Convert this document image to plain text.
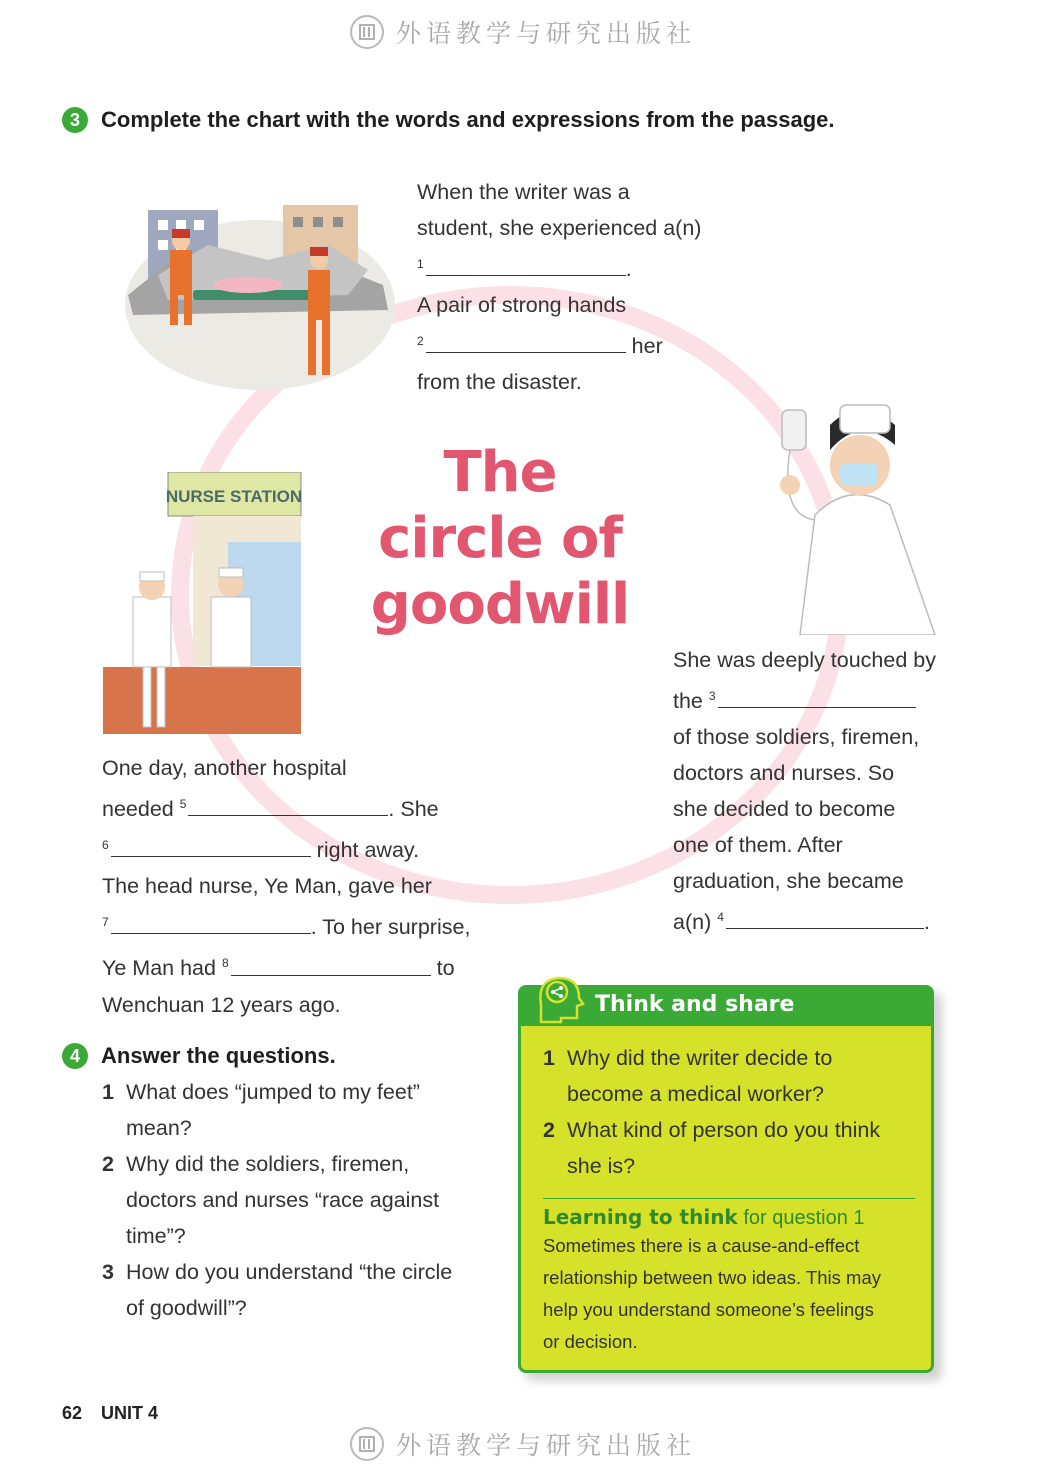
外语教学与研究出版社
3 Complete the chart with the words and expressions from the passage.
When the writer was a
student, she experienced a(n)
$^1$	.
A pair of strong hands
$^2$	her
from the disaster.
NURSE STATION	The
circle of
goodwill
She was deeply touched by
the $^3$
of those soldiers, firemen,
doctors and nurses. So
she decided to become
one of them. After
graduation, she became
a(n) $^4$	.
One day, another hospital
needed $^5$	. She
$^6$	right away.
The head nurse, Ye Man, gave her
$^7$	. To her surprise,
Ye Man had $^8$	to
Wenchuan 12 years ago.
4 Answer the questions.
1 What does “jumped to my feet”
mean?
2 Why did the soldiers, firemen,
doctors and nurses “race against
time”?
3 How do you understand “the circle
of goodwill”?
Think and share
1 Why did the writer decide to
become a medical worker?
2 What kind of person do you think
she is?
Learning to think for question 1
Sometimes there is a cause-and-effect
relationship between two ideas. This may
help you understand someone’s feelings
or decision.
62 UNIT 4
外语教学与研究出版社
